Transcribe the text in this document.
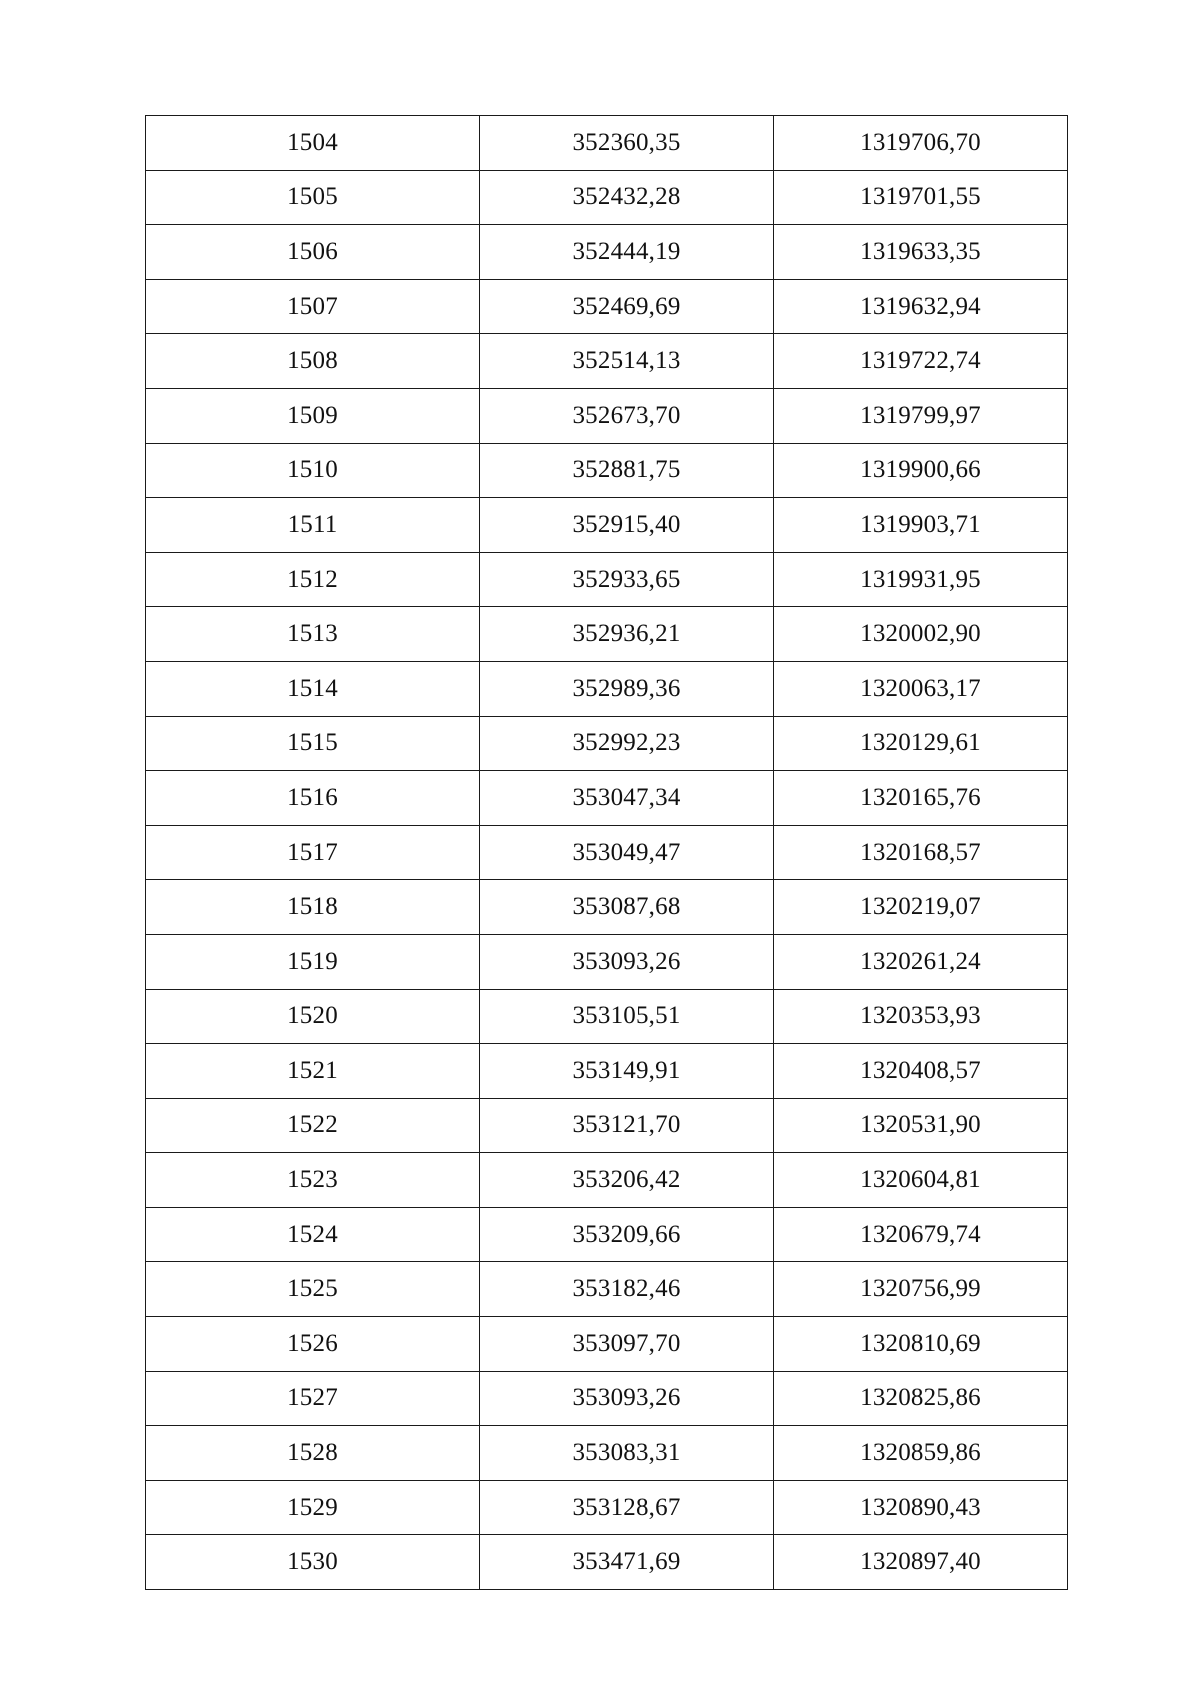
1504	352360,35	1319706,70
1505	352432,28	1319701,55
1506	352444,19	1319633,35
1507	352469,69	1319632,94
1508	352514,13	1319722,74
1509	352673,70	1319799,97
1510	352881,75	1319900,66
1511	352915,40	1319903,71
1512	352933,65	1319931,95
1513	352936,21	1320002,90
1514	352989,36	1320063,17
1515	352992,23	1320129,61
1516	353047,34	1320165,76
1517	353049,47	1320168,57
1518	353087,68	1320219,07
1519	353093,26	1320261,24
1520	353105,51	1320353,93
1521	353149,91	1320408,57
1522	353121,70	1320531,90
1523	353206,42	1320604,81
1524	353209,66	1320679,74
1525	353182,46	1320756,99
1526	353097,70	1320810,69
1527	353093,26	1320825,86
1528	353083,31	1320859,86
1529	353128,67	1320890,43
1530	353471,69	1320897,40
